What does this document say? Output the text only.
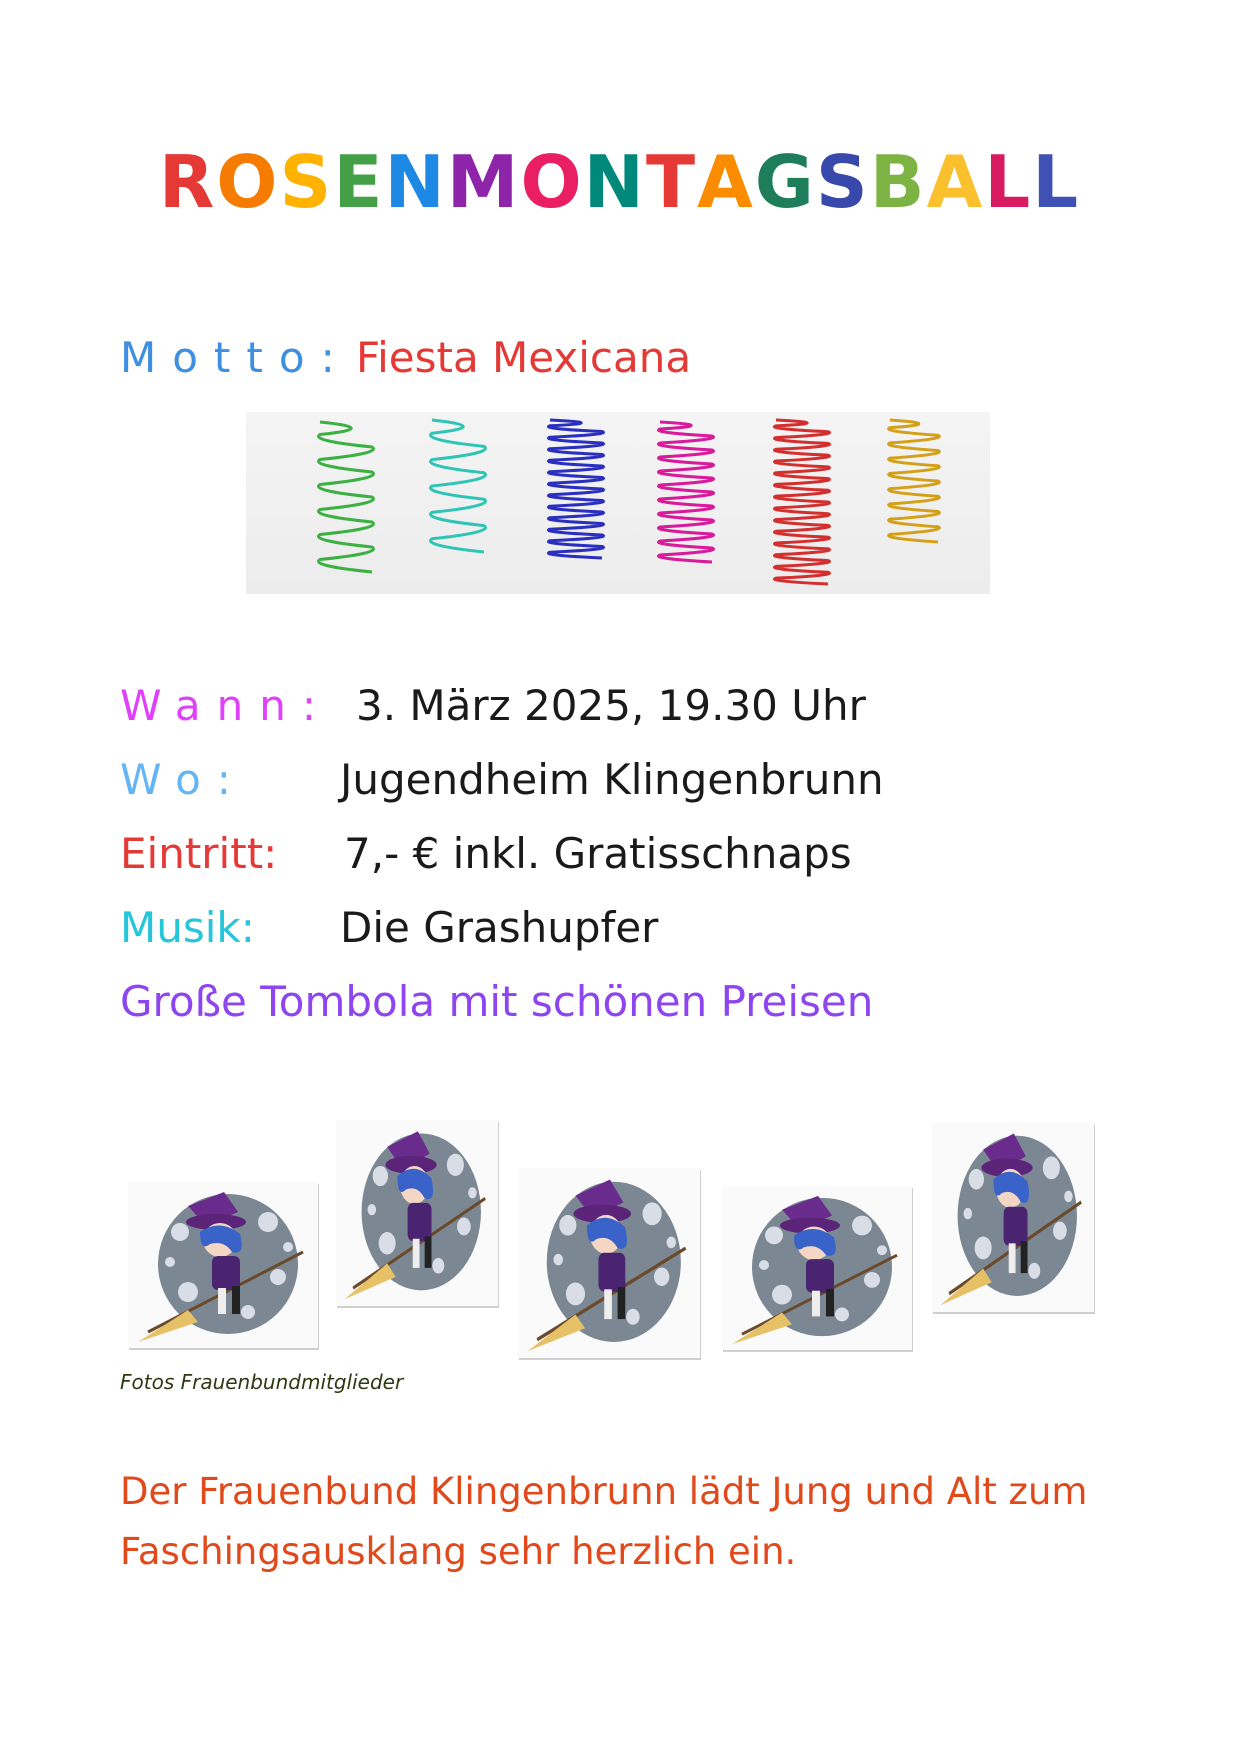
ROSENMONTAGSBALL
Motto: Fiesta Mexicana
Wann: 3. März 2025, 19.30 Uhr
Wo: Jugendheim Klingenbrunn
Eintritt: 7,- € inkl. Gratisschnaps
Musik: Die Grashupfer
Große Tombola mit schönen Preisen
Fotos Frauenbundmitglieder
Der Frauenbund Klingenbrunn lädt Jung und Alt zum Faschingsausklang sehr herzlich ein.
